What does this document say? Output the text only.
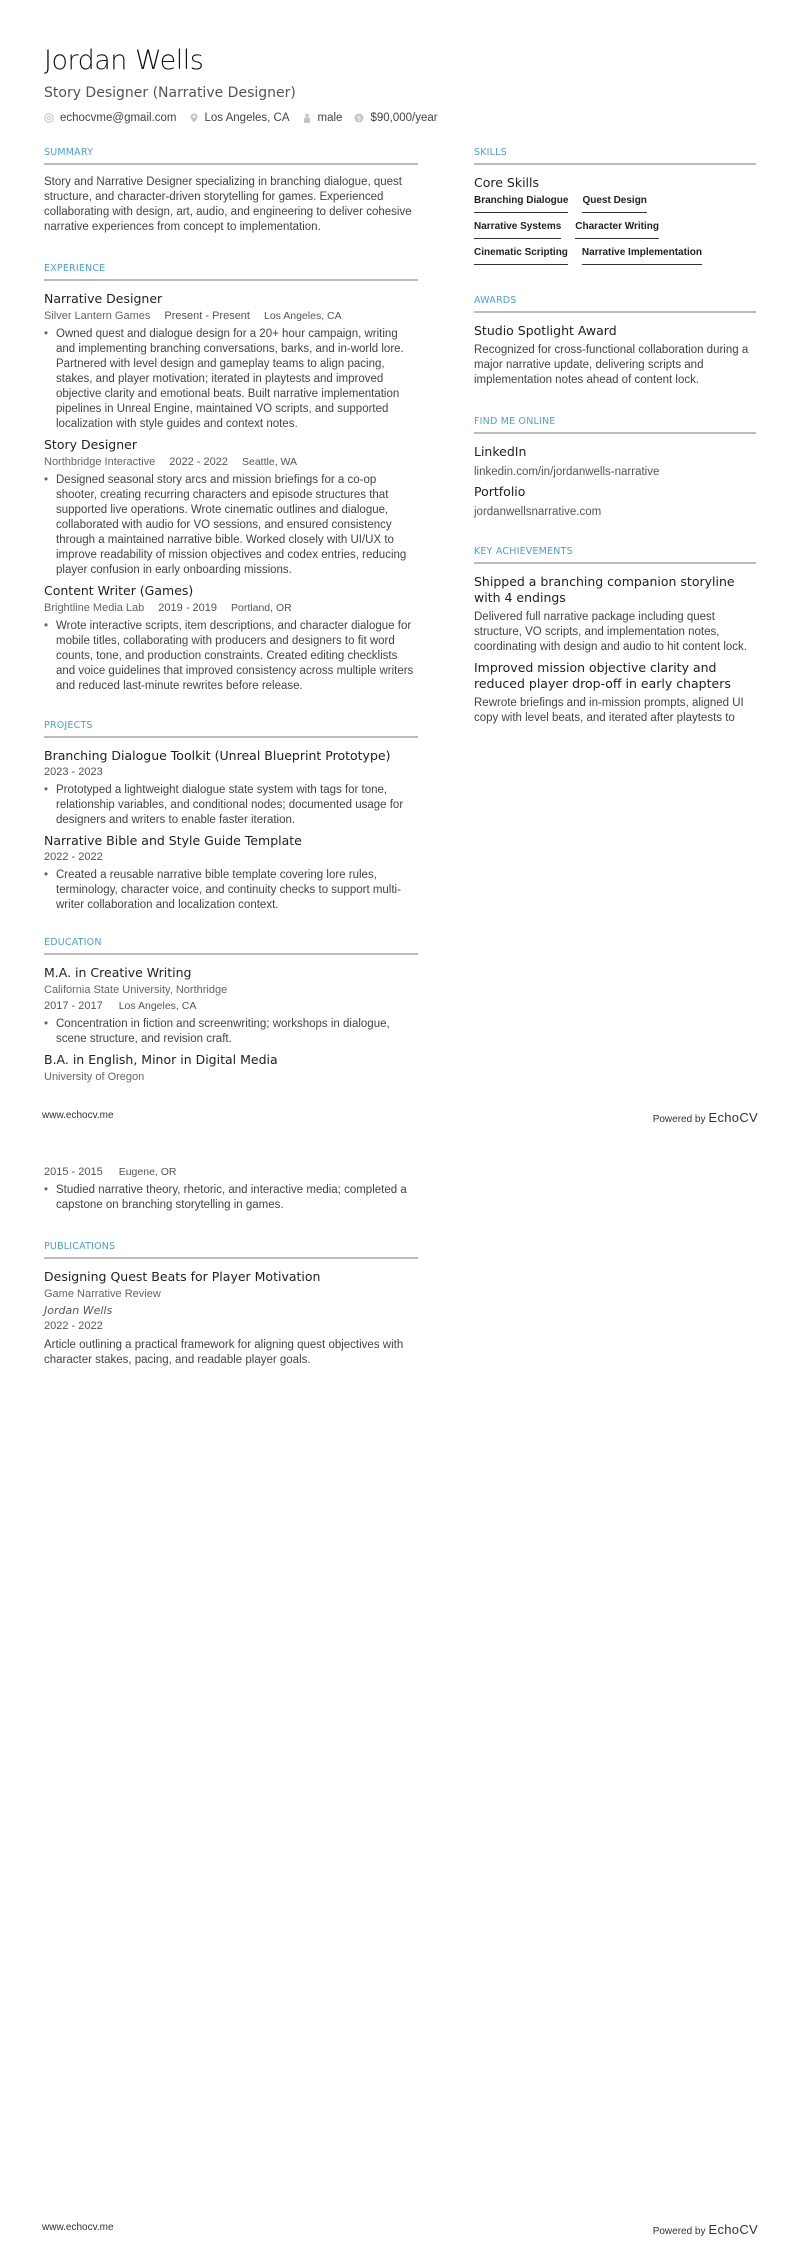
Jordan Wells
Story Designer (Narrative Designer)
echocvme@gmail.com Los Angeles, CA male $ $90,000/year
SUMMARY
Story and Narrative Designer specializing in branching dialogue, quest structure, and character-driven storytelling for games. Experienced collaborating with design, art, audio, and engineering to deliver cohesive narrative experiences from concept to implementation.
EXPERIENCE
Narrative Designer
Silver Lantern Games Present - Present Los Angeles, CA
• Owned quest and dialogue design for a 20+ hour campaign, writing and implementing branching conversations, barks, and in-world lore. Partnered with level design and gameplay teams to align pacing, stakes, and player motivation; iterated in playtests and improved objective clarity and emotional beats. Built narrative implementation pipelines in Unreal Engine, maintained VO scripts, and supported localization with style guides and context notes.
Story Designer
Northbridge Interactive 2022 - 2022 Seattle, WA
• Designed seasonal story arcs and mission briefings for a co-op shooter, creating recurring characters and episode structures that supported live operations. Wrote cinematic outlines and dialogue, collaborated with audio for VO sessions, and ensured consistency through a maintained narrative bible. Worked closely with UI/UX to improve readability of mission objectives and codex entries, reducing player confusion in early onboarding missions.
Content Writer (Games)
Brightline Media Lab 2019 - 2019 Portland, OR
• Wrote interactive scripts, item descriptions, and character dialogue for mobile titles, collaborating with producers and designers to fit word counts, tone, and production constraints. Created editing checklists and voice guidelines that improved consistency across multiple writers and reduced last-minute rewrites before release.
PROJECTS
Branching Dialogue Toolkit (Unreal Blueprint Prototype)
2023 - 2023
• Prototyped a lightweight dialogue state system with tags for tone, relationship variables, and conditional nodes; documented usage for designers and writers to enable faster iteration.
Narrative Bible and Style Guide Template
2022 - 2022
• Created a reusable narrative bible template covering lore rules, terminology, character voice, and continuity checks to support multi-writer collaboration and localization context.
EDUCATION
M.A. in Creative Writing
California State University, Northridge
2017 - 2017 Los Angeles, CA
• Concentration in fiction and screenwriting; workshops in dialogue, scene structure, and revision craft.
B.A. in English, Minor in Digital Media
University of Oregon
SKILLS
Core Skills
Branching Dialogue Quest Design
Narrative Systems Character Writing
Cinematic Scripting Narrative Implementation
AWARDS
Studio Spotlight Award
Recognized for cross-functional collaboration during a major narrative update, delivering scripts and implementation notes ahead of content lock.
FIND ME ONLINE
LinkedIn
linkedin.com/in/jordanwells-narrative
Portfolio
jordanwellsnarrative.com
KEY ACHIEVEMENTS
Shipped a branching companion storyline with 4 endings
Delivered full narrative package including quest structure, VO scripts, and implementation notes, coordinating with design and audio to hit content lock.
Improved mission objective clarity and reduced player drop-off in early chapters
Rewrote briefings and in-mission prompts, aligned UI copy with level beats, and iterated after playtests to
www.echocv.me	Powered by EchoCV
2015 - 2015 Eugene, OR
• Studied narrative theory, rhetoric, and interactive media; completed a capstone on branching storytelling in games.
PUBLICATIONS
Designing Quest Beats for Player Motivation
Game Narrative Review
Jordan Wells
2022 - 2022
Article outlining a practical framework for aligning quest objectives with character stakes, pacing, and readable player goals.
www.echocv.me	Powered by EchoCV
